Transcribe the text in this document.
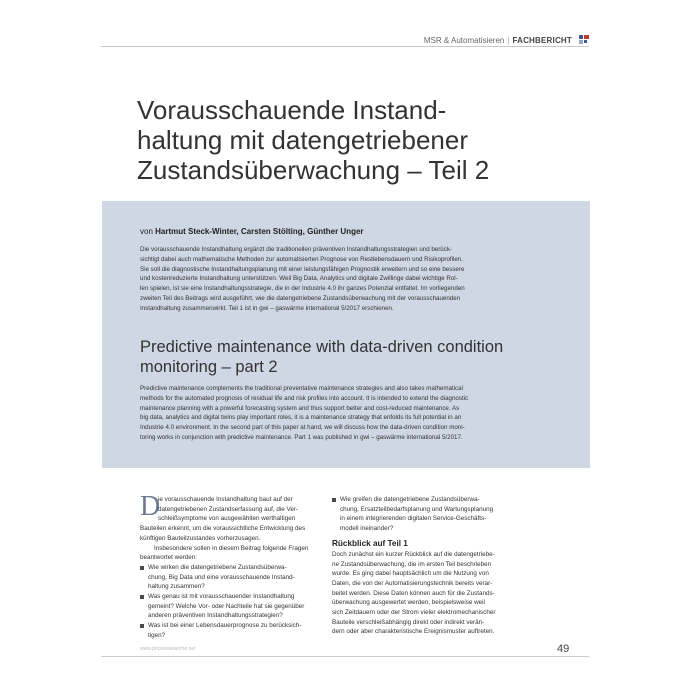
MSR & Automatisieren | FACHBERICHT
Vorausschauende Instand-
haltung mit datengetriebener
Zustandsüberwachung – Teil 2
von Hartmut Steck-Winter, Carsten Stölting, Günther Unger
Die vorausschauende Instandhaltung ergänzt die traditionellen präventiven Instandhaltungsstrategien und berück-
sichtigt dabei auch mathematische Methoden zur automatisierten Prognose von Restlebensdauern und Risikoprofilen.
Sie soll die diagnostische Instandhaltungsplanung mit einer leistungsfähigen Prognostik erweitern und so eine bessere
und kostenreduzierte Instandhaltung unterstützen. Weil Big Data, Analytics und digitale Zwillinge dabei wichtige Rol-
len spielen, ist sie eine Instandhaltungsstrategie, die in der Industrie 4.0 ihr ganzes Potenzial entfaltet. Im vorliegenden
zweiten Teil des Beitrags wird ausgeführt, wie die datengetriebene Zustandsüberwachung mit der vorausschauenden
Instandhaltung zusammenwirkt. Teil 1 ist in gwi – gaswärme international 5/2017 erschienen.
Predictive maintenance with data-driven condition
monitoring – part 2
Predictive maintenance complements the traditional preventative maintenance strategies and also takes mathematical
methods for the automated prognosis of residual life and risk profiles into account. It is intended to extend the diagnostic
maintenance planning with a powerful forecasting system and thus support better and cost-reduced maintenance. As
big data, analytics and digital twins play important roles, it is a maintenance strategy that enfolds its full potential in an
Industrie 4.0 environment. In the second part of this paper at hand, we will discuss how the data-driven condition moni-
toring works in conjunction with predictive maintenance. Part 1 was published in gwi – gaswärme international 5/2017.
D
ie vorausschauende Instandhaltung baut auf der
datengetriebenen Zustandserfassung auf, die Ver-
schleißsymptome von ausgewählten werthaltigen
Bauteilen erkennt, um die voraussichtliche Entwicklung des
künftigen Bauteilzustandes vorherzusagen.
Insbesondere sollen in diesem Beitrag folgende Fragen
beantwortet werden:
Wie wirken die datengetriebene Zustandsüberwa-
chung, Big Data und eine vorausschauende Instand-
haltung zusammen?
Was genau ist mit vorausschauender Instandhaltung
gemeint? Welche Vor- oder Nachteile hat sie gegenüber
anderen präventiven Instandhaltungsstrategien?
Was ist bei einer Lebensdauerprognose zu berücksich-
tigen?
Wie greifen die datengetriebene Zustandsüberwa-
chung, Ersatzteilbedarfsplanung und Wartungsplanung
in einem integrierenden digitalen Service-Geschäfts-
modell ineinander?
Rückblick auf Teil 1
Doch zunächst ein kurzer Rückblick auf die datengetriebe-
ne Zustandsüberwachung, die im ersten Teil beschrieben
wurde. Es ging dabei hauptsächlich um die Nutzung von
Daten, die von der Automatisierungstechnik bereits verar-
beitet werden. Diese Daten können auch für die Zustands-
überwachung ausgewertet werden, beispielsweise weil
sich Zeitdauern oder der Strom vieler elektromechanischer
Bauteile verschleißabhängig direkt oder indirekt verän-
dern oder aber charakteristische Ereignismuster auftreten.
www.prozesswaerme.net	49
